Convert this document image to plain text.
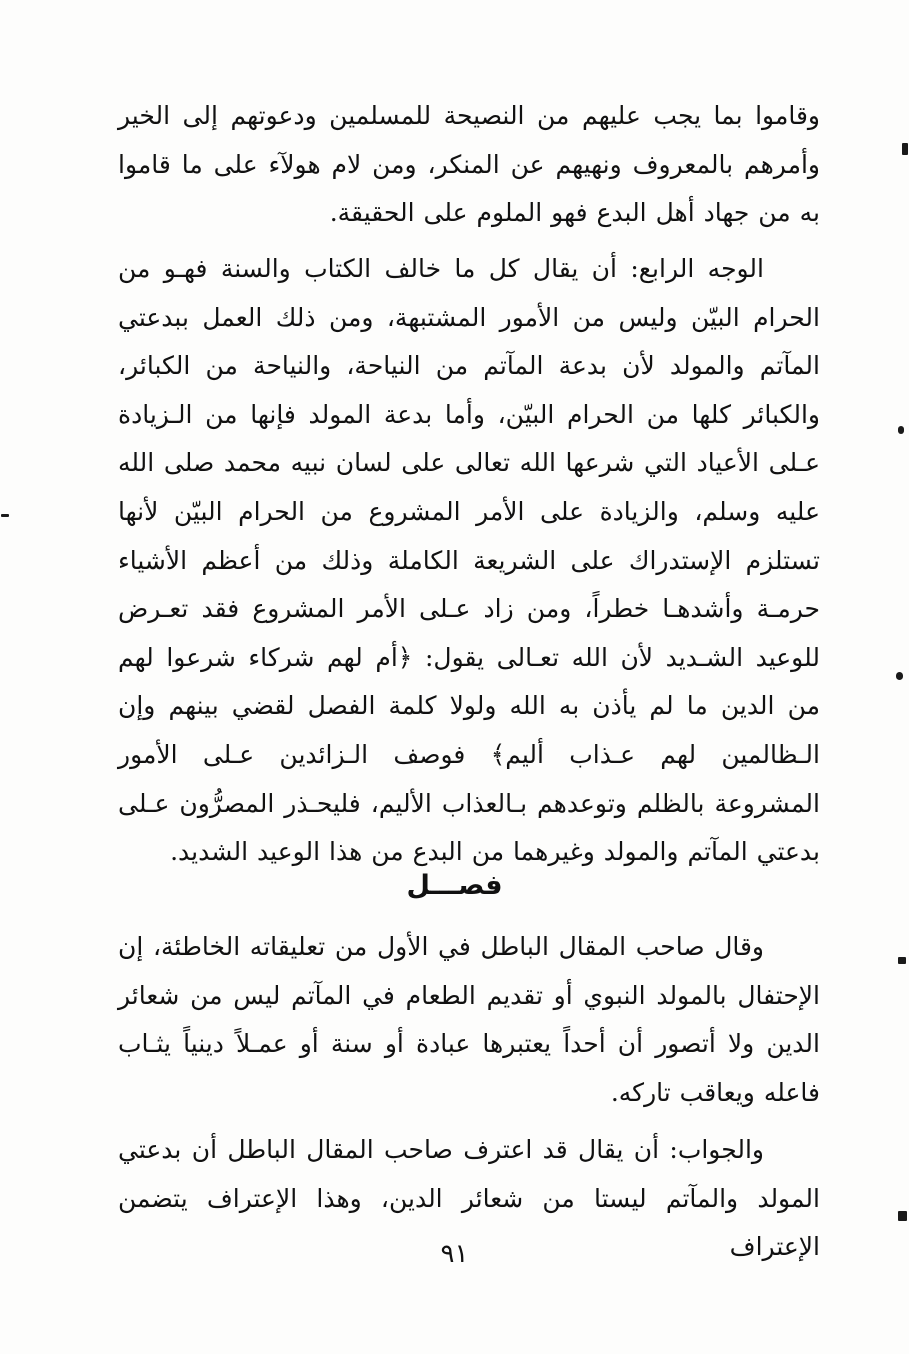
وقاموا بما يجب عليهم من النصيحة للمسلمين ودعوتهم إلى الخير وأمرهم بالمعروف ونهيهم عن المنكر، ومن لام هولآء على ما قاموا به من جهاد أهل البدع فهو الملوم على الحقيقة.

الوجه الرابع: أن يقال كل ما خالف الكتاب والسنة فهـو من الحرام البيّن وليس من الأمور المشتبهة، ومن ذلك العمل ببدعتي المآتم والمولد لأن بدعة المآتم من النياحة، والنياحة من الكبائر، والكبائر كلها من الحرام البيّن، وأما بدعة المولد فإنها من الـزيادة عـلى الأعياد التي شرعها الله تعالى على لسان نبيه محمد صلى الله عليه وسلم، والزيادة على الأمر المشروع من الحرام البيّن لأنها تستلزم الإستدراك على الشريعة الكاملة وذلك من أعظم الأشياء حرمـة وأشدهـا خطراً، ومن زاد عـلى الأمر المشروع فقد تعـرض للوعيد الشـديد لأن الله تعـالى يقول: ﴿أم لهم شركاء شرعوا لهم من الدين ما لم يأذن به الله ولولا كلمة الفصل لقضي بينهم وإن الـظالمين لهم عـذاب أليم﴾ فوصف الـزائدين عـلى الأمور المشروعة بالظلم وتوعدهم بـالعذاب الأليم، فليحـذر المصرُّون عـلى بدعتي المآتم والمولد وغيرهما من البدع من هذا الوعيد الشديد.

فصـــل

وقال صاحب المقال الباطل في الأول من تعليقاته الخاطئة، إن الإحتفال بالمولد النبوي أو تقديم الطعام في المآتم ليس من شعائر الدين ولا أتصور أن أحداً يعتبرها عبادة أو سنة أو عمـلاً دينياً يثـاب فاعله ويعاقب تاركه.

والجواب: أن يقال قد اعترف صاحب المقال الباطل أن بدعتي المولد والمآتم ليستا من شعائر الدين، وهذا الإعتراف يتضمن الإعتراف

٩١
